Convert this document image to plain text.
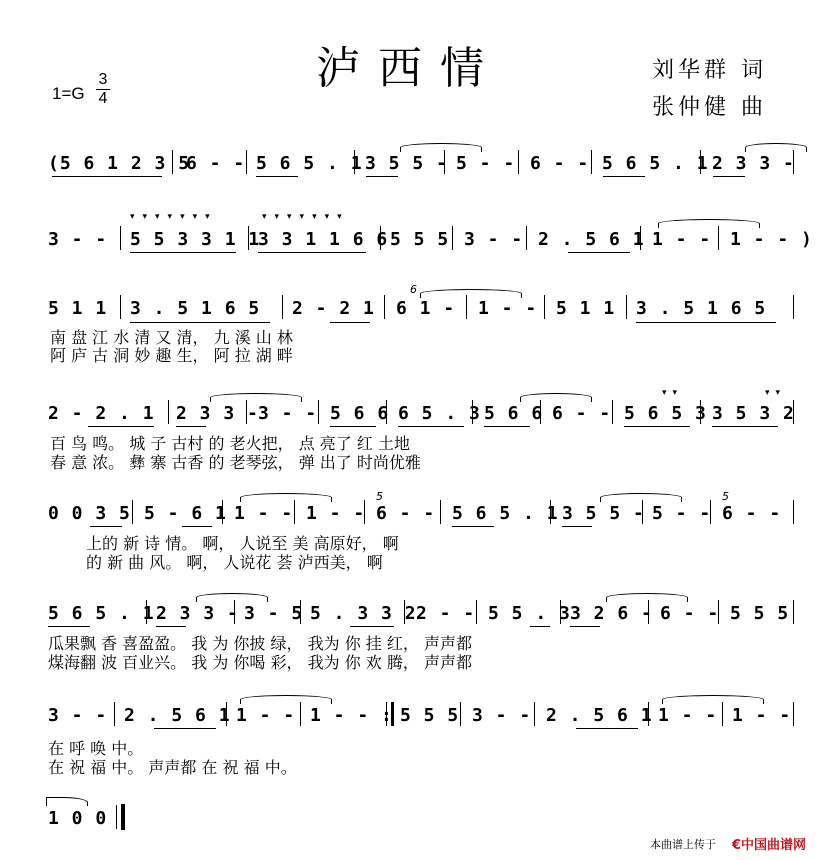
泸西情	刘华群 词
张仲健 曲
$1=G \frac{3}{4}$
(5 6 1 2 3 5
6 - - 5 6 5 . 1 3 5 5 - 5 - - 6 - - 5 6 5 . 1 2 3 3 -
3 - - 5 5 3 3 1 1
3 3 1 1 6 6 5 5 5 3 - - 2 . 5 6 1 1 - - 1 - - )
▾▾▾▾▾▾▾	▾▾▾▾▾▾▾
5 1 1 3 . 5 1 6 5 2 - 2 1 6 1 - 1 - - 5 1 1 3 . 5 1 6 5
6
南 盘 江 水 清 又 清， 九 溪 山 林
阿 庐 古 洞 妙 趣 生， 阿 拉 湖 畔
2 - 2 . 1 2 3 3 - 3 - - 5 6 6 6 5 . 3 5 6 6 6 - - 5 6 5 3 3 5 3 2
▾▾	▾▾
百 鸟 鸣。 城 子 古村 的 老火把， 点 亮了 红 土地
春 意 浓。 彝 寨 古香 的 老琴弦， 弹 出了 时尚优雅
0 0 3 5 5 - 6 1 1 - - 1 - - 6 - - 5 6 5 . 1 3 5 5 - 5 - - 6 - -
5	5
上的 新 诗 情。 啊， 人说至 美 高原好， 啊
的 新 曲 风。 啊， 人说花 荟 泸西美， 啊
5 6 5 . 1 2 3 3 - 3 - 5 5 . 3 3 2 2 - - 5 5 . 3 3 2 6 - 6 - - 5 5 5
瓜果飘 香 喜盈盈。 我 为 你披 绿， 我为 你 挂 红， 声声都
煤海翻 波 百业兴。 我 为 你喝 彩， 我为 你 欢 腾， 声声都
3 - - 2 . 5 6 1 1 - - 1 - - : 5 5 5 3 - - 2 . 5 6 1 1 - - 1 - -
在 呼 唤 中。
在 祝 福 中。 声声都 在 祝 福 中。
1 0 0
本曲谱上传于 €中国曲谱网
